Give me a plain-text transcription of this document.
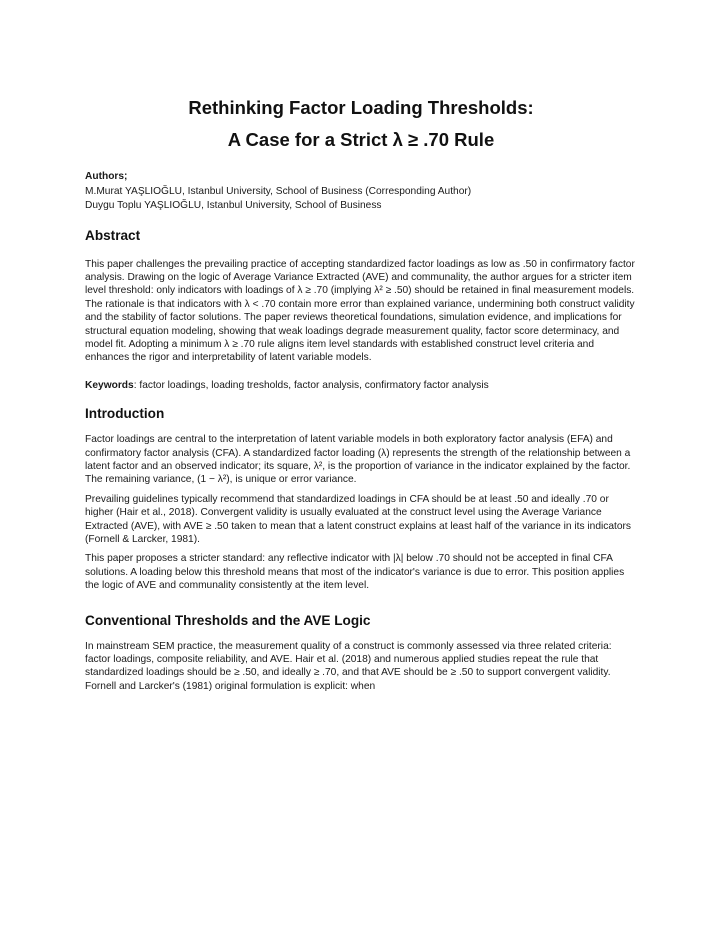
Rethinking Factor Loading Thresholds:
A Case for a Strict λ ≥ .70 Rule
Authors;
M.Murat YAŞLIOĞLU, Istanbul University, School of Business (Corresponding Author)
Duygu Toplu YAŞLIOĞLU, Istanbul University, School of Business
Abstract

This paper challenges the prevailing practice of accepting standardized factor loadings as low as .50 in confirmatory factor analysis. Drawing on the logic of Average Variance Extracted (AVE) and communality, the author argues for a stricter item level threshold: only indicators with loadings of λ ≥ .70 (implying λ² ≥ .50) should be retained in final measurement models. The rationale is that indicators with λ < .70 contain more error than explained variance, undermining both construct validity and the stability of factor solutions. The paper reviews theoretical foundations, simulation evidence, and implications for structural equation modeling, showing that weak loadings degrade measurement quality, factor score determinacy, and model fit. Adopting a minimum λ ≥ .70 rule aligns item level standards with established construct level criteria and enhances the rigor and interpretability of latent variable models.

Keywords: factor loadings, loading tresholds, factor analysis, confirmatory factor analysis

Introduction

Factor loadings are central to the interpretation of latent variable models in both exploratory factor analysis (EFA) and confirmatory factor analysis (CFA). A standardized factor loading (λ) represents the strength of the relationship between a latent factor and an observed indicator; its square, λ², is the proportion of variance in the indicator explained by the factor. The remaining variance, (1 − λ²), is unique or error variance.

Prevailing guidelines typically recommend that standardized loadings in CFA should be at least .50 and ideally .70 or higher (Hair et al., 2018). Convergent validity is usually evaluated at the construct level using the Average Variance Extracted (AVE), with AVE ≥ .50 taken to mean that a latent construct explains at least half of the variance in its indicators (Fornell & Larcker, 1981).

This paper proposes a stricter standard: any reflective indicator with |λ| below .70 should not be accepted in final CFA solutions. A loading below this threshold means that most of the indicator's variance is due to error. This position applies the logic of AVE and communality consistently at the item level.

Conventional Thresholds and the AVE Logic

In mainstream SEM practice, the measurement quality of a construct is commonly assessed via three related criteria: factor loadings, composite reliability, and AVE. Hair et al. (2018) and numerous applied studies repeat the rule that standardized loadings should be ≥ .50, and ideally ≥ .70, and that AVE should be ≥ .50 to support convergent validity. Fornell and Larcker's (1981) original formulation is explicit: when
